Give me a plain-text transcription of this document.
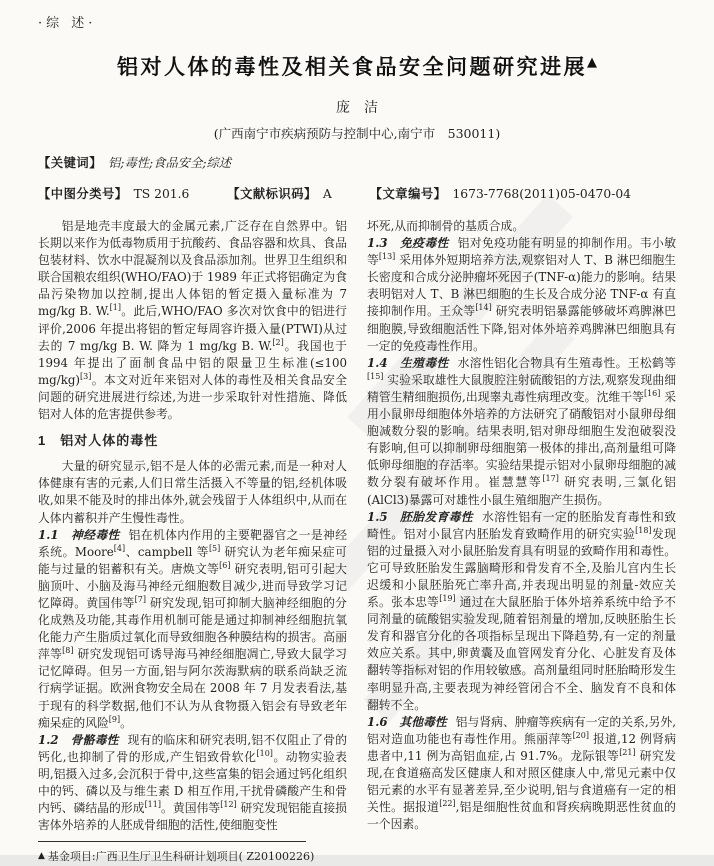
·综 述·
铝对人体的毒性及相关食品安全问题研究进展▲
庞　洁
(广西南宁市疾病预防与控制中心,南宁市　530011)
【关键词】 铝;毒性;食品安全;综述
【中图分类号】 TS 201.6	【文献标识码】 A	【文章编号】 1673-7768(2011)05-0470-04

铝是地壳丰度最大的金属元素,广泛存在自然界中。铝长期以来作为低毒物质用于抗酸药、食品容器和炊具、食品包装材料、饮水中混凝剂以及食品添加剂。世界卫生组织和联合国粮农组织(WHO/FAO)于 1989 年正式将铝确定为食品污染物加以控制,提出人体铝的暂定摄入量标准为 7 mg/kg B. W.[1]。此后,WHO/FAO 多次对饮食中的铝进行评价,2006 年提出将铝的暂定每周容许摄入量(PTWI)从过去的 7 mg/kg B. W. 降为 1 mg/kg B. W.[2]。我国也于 1994 年提出了面制食品中铝的限量卫生标准(≤100 mg/kg)[3]。本文对近年来铝对人体的毒性及相关食品安全问题的研究进展进行综述,为进一步采取针对性措施、降低铝对人体的危害提供参考。

1　铝对人体的毒性

大量的研究显示,铝不是人体的必需元素,而是一种对人体健康有害的元素,人们日常生活摄入不等量的铝,经机体吸收,如果不能及时的排出体外,就会残留于人体组织中,从而在人体内蓄积并产生慢性毒性。

1.1　神经毒性 铝在机体内作用的主要靶器官之一是神经系统。Moore[4]、campbell 等[5] 研究认为老年痴呆症可能与过量的铝蓄积有关。唐焕文等[6] 研究表明,铝可引起大脑顶叶、小脑及海马神经元细胞数目减少,进而导致学习记忆障碍。黄国伟等[7] 研究发现,铝可抑制大脑神经细胞的分化成熟及功能,其毒作用机制可能是通过抑制神经细胞抗氧化能力产生脂质过氧化而导致细胞各种膜结构的损害。高丽萍等[8] 研究发现铝可诱导海马神经细胞凋亡,导致大鼠学习记忆障碍。但另一方面,铝与阿尔茨海默病的联系尚缺乏流行病学证据。欧洲食物安全局在 2008 年 7 月发表看法,基于现有的科学数据,他们不认为从食物摄入铝会有导致老年痴呆症的风险[9]。

1.2　骨骼毒性 现有的临床和研究表明,铝不仅阻止了骨的钙化,也抑制了骨的形成,产生铝致骨软化[10]。动物实验表明,铝摄入过多,会沉积于骨中,这些富集的铝会通过钙化组织中的钙、磷以及与维生素 D 相互作用,干扰骨磷酸产生和骨内钙、磷结晶的形成[11]。黄国伟等[12] 研究发现铝能直接损害体外培养的人胚成骨细胞的活性,使细胞变性

▲ 基金项目:广西卫生厅卫生科研计划项目( Z20100226)

坏死,从而抑制骨的基质合成。

1.3　免疫毒性 铝对免疫功能有明显的抑制作用。韦小敏等[13] 采用体外短期培养方法,观察铝对人 T、B 淋巴细胞生长密度和合成分泌肿瘤坏死因子(TNF-α)能力的影响。结果表明铝对人 T、B 淋巴细胞的生长及合成分泌 TNF-α 有直接抑制作用。王众等[14] 研究表明铝暴露能够破坏鸡脾淋巴细胞膜,导致细胞活性下降,铝对体外培养鸡脾淋巴细胞具有一定的免疫毒性作用。

1.4　生殖毒性 水溶性铝化合物具有生殖毒性。王松鹤等[15] 实验采取雄性大鼠腹腔注射硫酸铝的方法,观察发现曲细精管生精细胞损伤,出现睾丸毒性病理改变。沈维干等[16] 采用小鼠卵母细胞体外培养的方法研究了硝酸铝对小鼠卵母细胞减数分裂的影响。结果表明,铝对卵母细胞生发泡破裂没有影响,但可以抑制卵母细胞第一极体的排出,高剂量组可降低卵母细胞的存活率。实验结果提示铝对小鼠卵母细胞的减数分裂有破坏作用。崔慧慧等[17] 研究表明,三氯化铝(AlCl3)暴露可对雄性小鼠生殖细胞产生损伤。

1.5　胚胎发育毒性 水溶性铝有一定的胚胎发育毒性和致畸性。铝对小鼠宫内胚胎发育致畸作用的研究实验[18]发现铝的过量摄入对小鼠胚胎发育具有明显的致畸作用和毒性。它可导致胚胎发生露脑畸形和骨发育不全,及胎儿宫内生长迟缓和小鼠胚胎死亡率升高,并表现出明显的剂量-效应关系。张本忠等[19] 通过在大鼠胚胎于体外培养系统中给予不同剂量的硫酸铝实验发现,随着铝剂量的增加,反映胚胎生长发育和器官分化的各项指标呈现出下降趋势,有一定的剂量效应关系。其中,卵黄囊及血管网发育分化、心脏发育及体翻转等指标对铝的作用较敏感。高剂量组同时胚胎畸形发生率明显升高,主要表现为神经管闭合不全、脑发育不良和体翻转不全。

1.6　其他毒性 铝与肾病、肿瘤等疾病有一定的关系,另外,铝对造血功能也有毒性作用。熊丽萍等[20] 报道,12 例肾病患者中,11 例为高铝血症,占 91.7%。龙际银等[21] 研究发现,在食道癌高发区健康人和对照区健康人中,常见元素中仅铝元素的水平有显著差异,至少说明,铝与食道癌有一定的相关性。据报道[22],铝是细胞性贫血和肾疾病晚期恶性贫血的一个因素。
